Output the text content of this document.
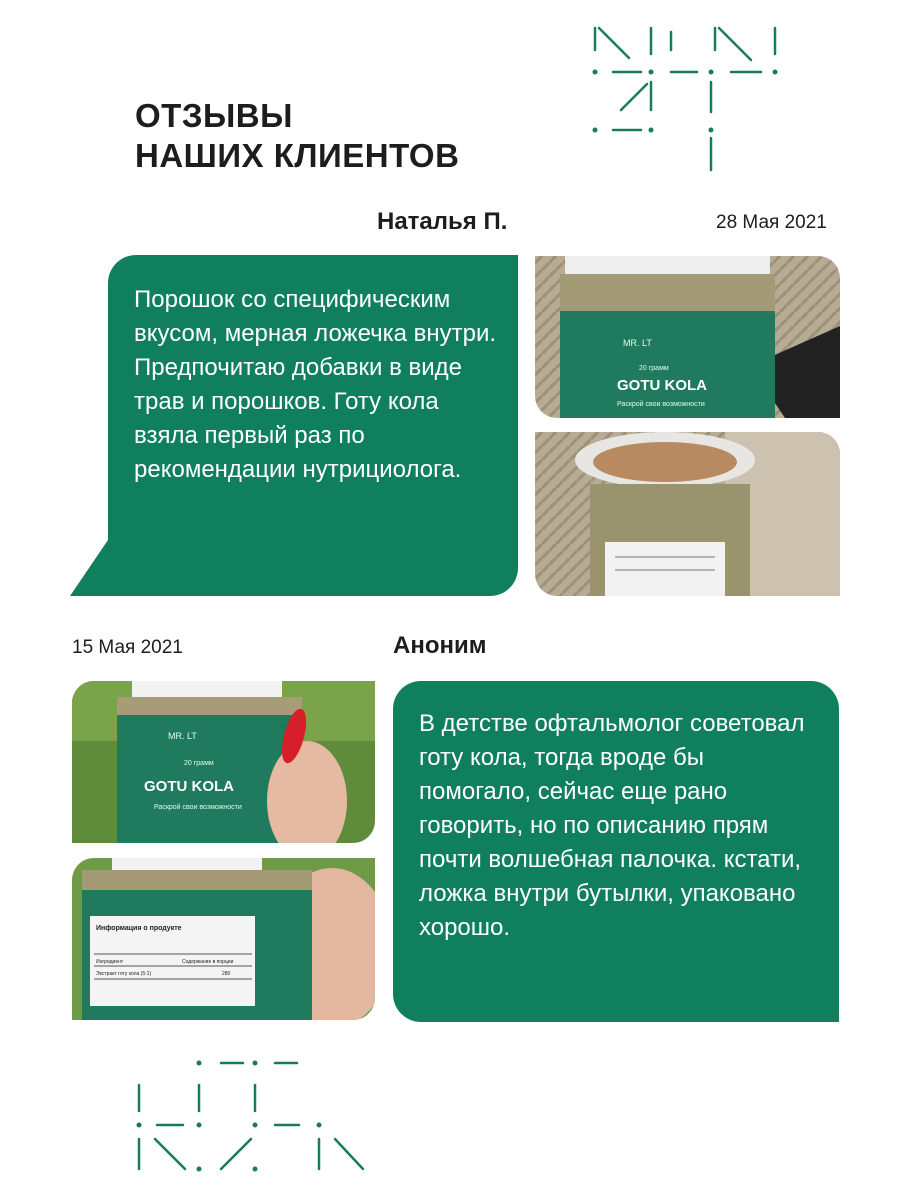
ОТЗЫВЫ
НАШИХ КЛИЕНТОВ
Наталья П.	28 Мая 2021
Порошок со специфическим вкусом, мерная ложечка внутри. Предпочитаю добавки в виде трав и порошков. Готу кола взяла первый раз по рекомендации нутрициолога.
MR. LT
20 грамм
GOTU KOLA
Раскрой свои возможности
15 Мая 2021	Аноним
MR. LT
20 грамм
GOTU KOLA
Раскрой свои возможности
Информация о продукте
Ингредиент	Содержание в порции
Экстракт готу кола (5:1)	280
В детстве офтальмолог советовал готу кола, тогда вроде бы помогало, сейчас еще рано говорить, но по описанию прям почти волшебная палочка. кстати, ложка внутри бутылки, упаковано хорошо.
